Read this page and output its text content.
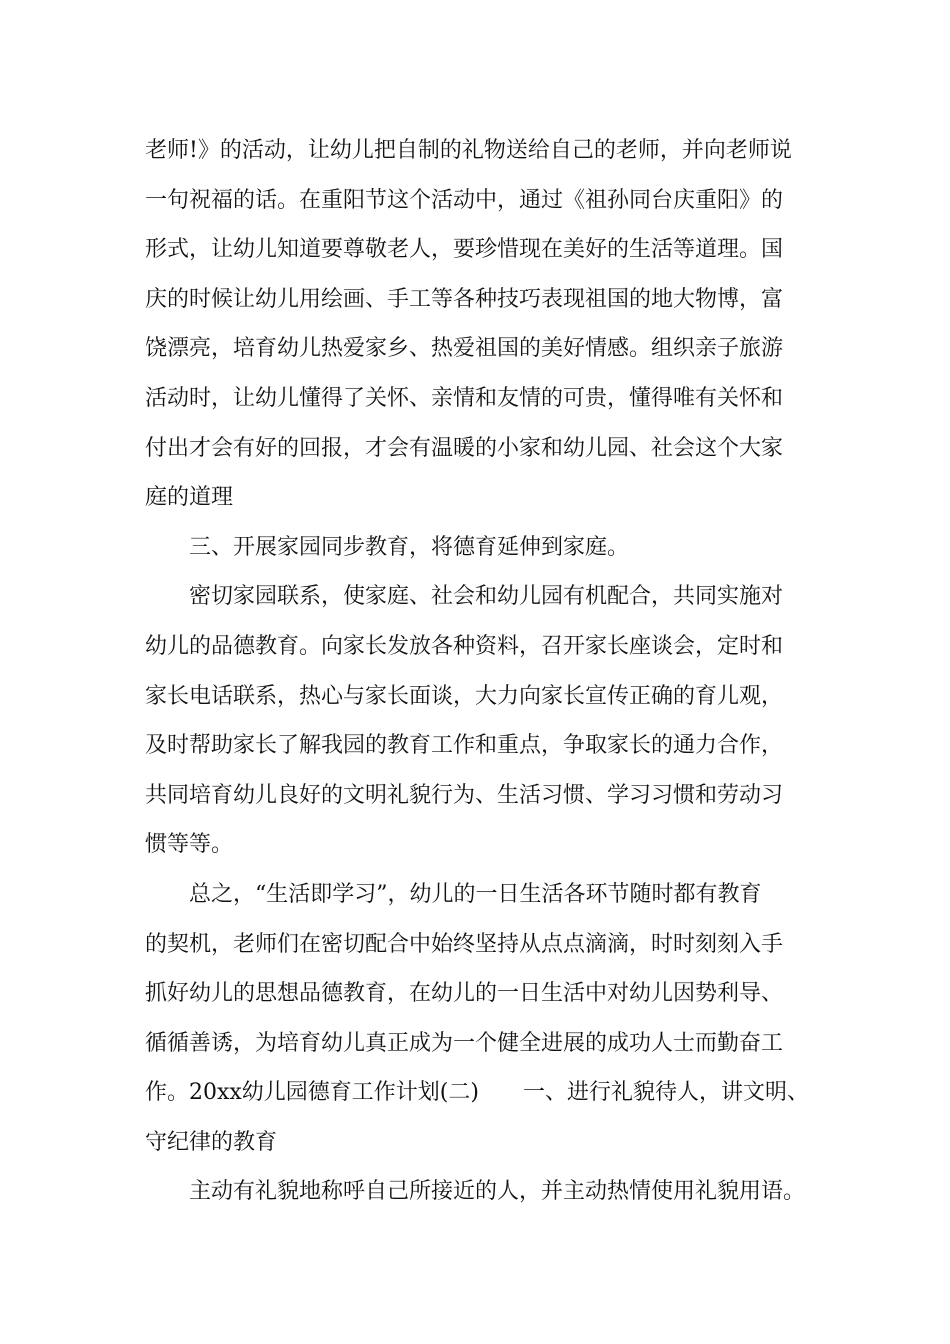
老师!》的活动，让幼儿把自制的礼物送给自己的老师，并向老师说
一句祝福的话。在重阳节这个活动中，通过《祖孙同台庆重阳》的
形式，让幼儿知道要尊敬老人，要珍惜现在美好的生活等道理。国
庆的时候让幼儿用绘画、手工等各种技巧表现祖国的地大物博，富
饶漂亮，培育幼儿热爱家乡、热爱祖国的美好情感。组织亲子旅游
活动时，让幼儿懂得了关怀、亲情和友情的可贵，懂得唯有关怀和
付出才会有好的回报，才会有温暖的小家和幼儿园、社会这个大家
庭的道理
三、开展家园同步教育，将德育延伸到家庭。
密切家园联系，使家庭、社会和幼儿园有机配合，共同实施对
幼儿的品德教育。向家长发放各种资料，召开家长座谈会，定时和
家长电话联系，热心与家长面谈，大力向家长宣传正确的育儿观，
及时帮助家长了解我园的教育工作和重点，争取家长的通力合作，
共同培育幼儿良好的文明礼貌行为、生活习惯、学习习惯和劳动习
惯等等。
总之，“生活即学习”，幼儿的一日生活各环节随时都有教育
的契机，老师们在密切配合中始终坚持从点点滴滴，时时刻刻入手
抓好幼儿的思想品德教育，在幼儿的一日生活中对幼儿因势利导、
循循善诱，为培育幼儿真正成为一个健全进展的成功人士而勤奋工
作。20xx幼儿园德育工作计划(二)　　一、进行礼貌待人，讲文明、
守纪律的教育
主动有礼貌地称呼自己所接近的人，并主动热情使用礼貌用语。
